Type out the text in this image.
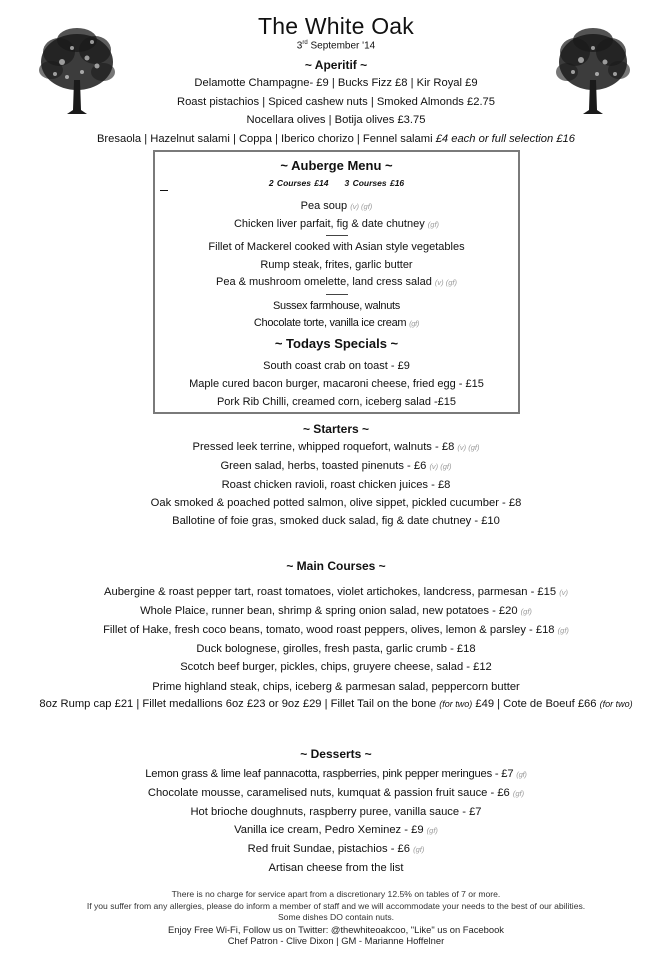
The White Oak
3rd September '14
~ Aperitif ~
Delamotte Champagne- £9 | Bucks Fizz £8 | Kir Royal £9
Roast pistachios | Spiced cashew nuts | Smoked Almonds £2.75
Nocellara olives | Botija olives £3.75
Bresaola | Hazelnut salami | Coppa | Iberico chorizo | Fennel salami £4 each or full selection £16
~ Auberge Menu ~
2 Courses £14 3 Courses £16
Pea soup (v) (gf)
Chicken liver parfait, fig & date chutney (gf)
Fillet of Mackerel cooked with Asian style vegetables
Rump steak, frites, garlic butter
Pea & mushroom omelette, land cress salad (v) (gf)
Sussex farmhouse, walnuts
Chocolate torte, vanilla ice cream (gf)
~ Todays Specials ~
South coast crab on toast - £9
Maple cured bacon burger, macaroni cheese, fried egg - £15
Pork Rib Chilli, creamed corn, iceberg salad -£15
~ Starters ~
Pressed leek terrine, whipped roquefort, walnuts - £8 (v) (gf)
Green salad, herbs, toasted pinenuts - £6 (v) (gf)
Roast chicken ravioli, roast chicken juices - £8
Oak smoked & poached potted salmon, olive sippet, pickled cucumber - £8
Ballotine of foie gras, smoked duck salad, fig & date chutney - £10
~ Main Courses ~
Aubergine & roast pepper tart, roast tomatoes, violet artichokes, landcress, parmesan - £15 (v)
Whole Plaice, runner bean, shrimp & spring onion salad, new potatoes - £20 (gf)
Fillet of Hake, fresh coco beans, tomato, wood roast peppers, olives, lemon & parsley - £18 (gf)
Duck bolognese, girolles, fresh pasta, garlic crumb - £18
Scotch beef burger, pickles, chips, gruyere cheese, salad - £12
Prime highland steak, chips, iceberg & parmesan salad, peppercorn butter
8oz Rump cap £21 | Fillet medallions 6oz £23 or 9oz £29 | Fillet Tail on the bone (for two) £49 | Cote de Boeuf £66 (for two)
~ Desserts ~
Lemon grass & lime leaf pannacotta, raspberries, pink pepper meringues - £7 (gf)
Chocolate mousse, caramelised nuts, kumquat & passion fruit sauce - £6 (gf)
Hot brioche doughnuts, raspberry puree, vanilla sauce - £7
Vanilla ice cream, Pedro Xeminez - £9 (gf)
Red fruit Sundae, pistachios - £6 (gf)
Artisan cheese from the list
There is no charge for service apart from a discretionary 12.5% on tables of 7 or more.
If you suffer from any allergies, please do inform a member of staff and we will accommodate your needs to the best of our abilities.
Some dishes DO contain nuts.
Enjoy Free Wi-Fi, Follow us on Twitter: @thewhiteoakcoo, "Like" us on Facebook
Chef Patron - Clive Dixon | GM - Marianne Hoffelner
